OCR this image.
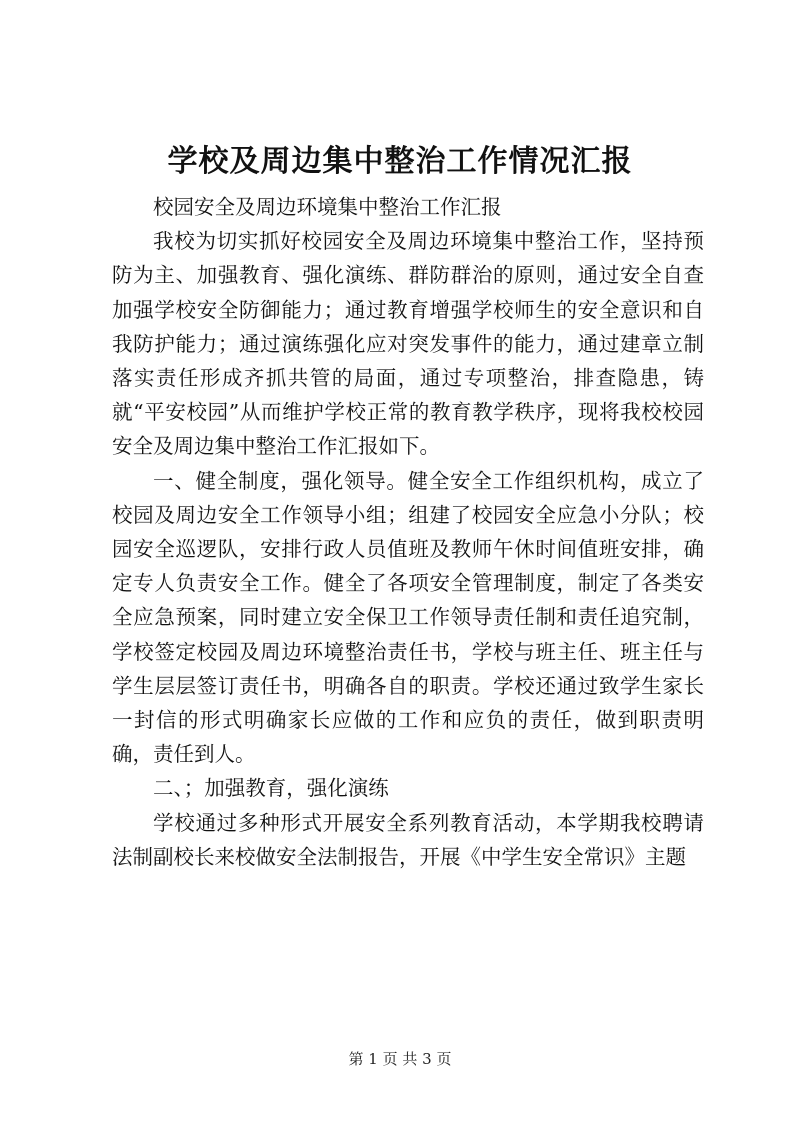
学校及周边集中整治工作情况汇报

校园安全及周边环境集中整治工作汇报

我校为切实抓好校园安全及周边环境集中整治工作，坚持预防为主、加强教育、强化演练、群防群治的原则，通过安全自查加强学校安全防御能力；通过教育增强学校师生的安全意识和自我防护能力；通过演练强化应对突发事件的能力，通过建章立制落实责任形成齐抓共管的局面，通过专项整治，排查隐患，铸就“平安校园”从而维护学校正常的教育教学秩序，现将我校校园安全及周边集中整治工作汇报如下。

一、健全制度，强化领导。健全安全工作组织机构，成立了校园及周边安全工作领导小组；组建了校园安全应急小分队；校园安全巡逻队，安排行政人员值班及教师午休时间值班安排，确定专人负责安全工作。健全了各项安全管理制度，制定了各类安全应急预案，同时建立安全保卫工作领导责任制和责任追究制，学校签定校园及周边环境整治责任书，学校与班主任、班主任与学生层层签订责任书，明确各自的职责。学校还通过致学生家长一封信的形式明确家长应做的工作和应负的责任，做到职责明确，责任到人。

二、；加强教育，强化演练

学校通过多种形式开展安全系列教育活动，本学期我校聘请法制副校长来校做安全法制报告，开展《中学生安全常识》主题

第 1 页 共 3 页
